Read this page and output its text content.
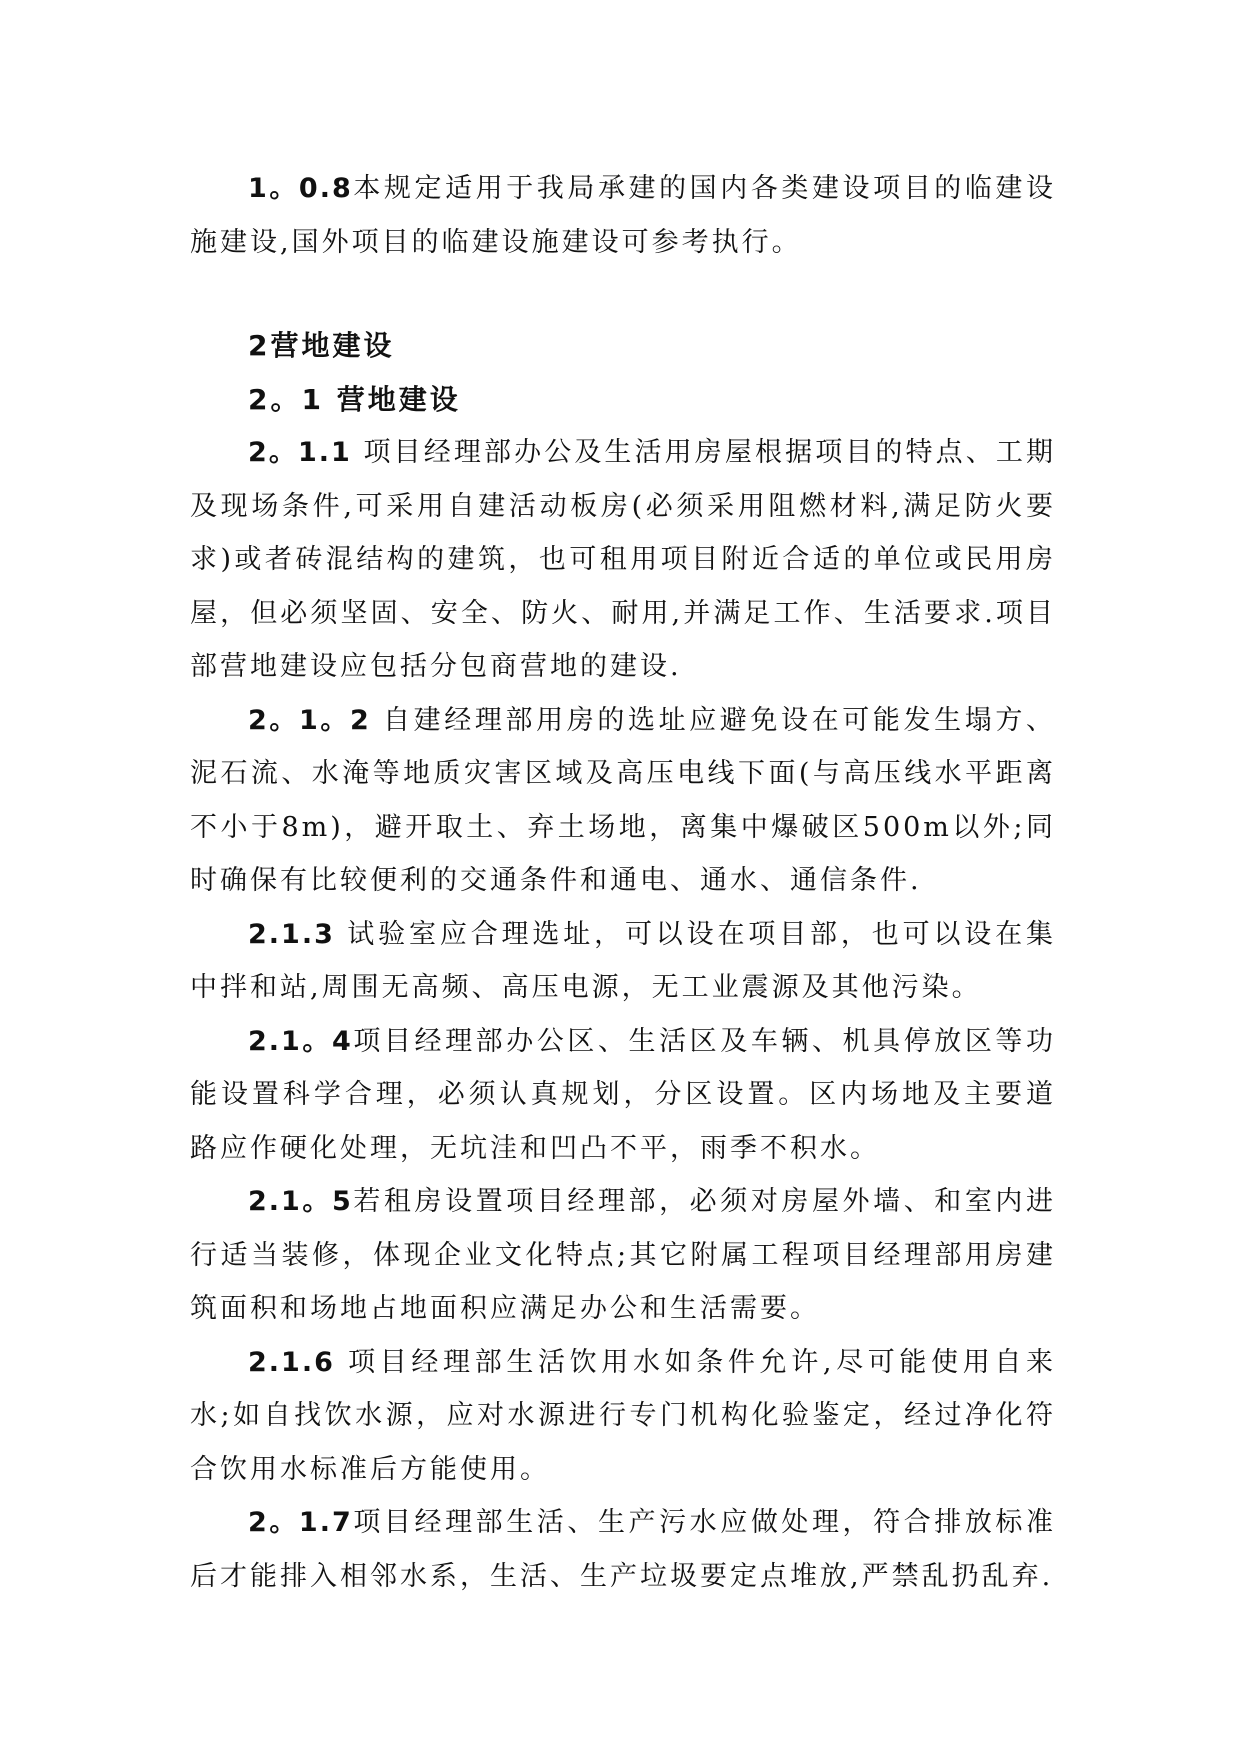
1。0.8本规定适用于我局承建的国内各类建设项目的临建设施建设,国外项目的临建设施建设可参考执行。

2营地建设
2。1 营地建设

2。1.1 项目经理部办公及生活用房屋根据项目的特点、工期及现场条件,可采用自建活动板房(必须采用阻燃材料,满足防火要求)或者砖混结构的建筑，也可租用项目附近合适的单位或民用房屋，但必须坚固、安全、防火、耐用,并满足工作、生活要求.项目部营地建设应包括分包商营地的建设.

2。1。2 自建经理部用房的选址应避免设在可能发生塌方、泥石流、水淹等地质灾害区域及高压电线下面(与高压线水平距离不小于8m)，避开取土、弃土场地，离集中爆破区500m以外;同时确保有比较便利的交通条件和通电、通水、通信条件.

2.1.3 试验室应合理选址，可以设在项目部，也可以设在集中拌和站,周围无高频、高压电源，无工业震源及其他污染。

2.1。4项目经理部办公区、生活区及车辆、机具停放区等功能设置科学合理，必须认真规划，分区设置。区内场地及主要道路应作硬化处理，无坑洼和凹凸不平，雨季不积水。

2.1。5若租房设置项目经理部，必须对房屋外墙、和室内进行适当装修，体现企业文化特点;其它附属工程项目经理部用房建筑面积和场地占地面积应满足办公和生活需要。

2.1.6 项目经理部生活饮用水如条件允许,尽可能使用自来水;如自找饮水源，应对水源进行专门机构化验鉴定，经过净化符合饮用水标准后方能使用。

2。1.7项目经理部生活、生产污水应做处理，符合排放标准后才能排入相邻水系，生活、生产垃圾要定点堆放,严禁乱扔乱弃.
